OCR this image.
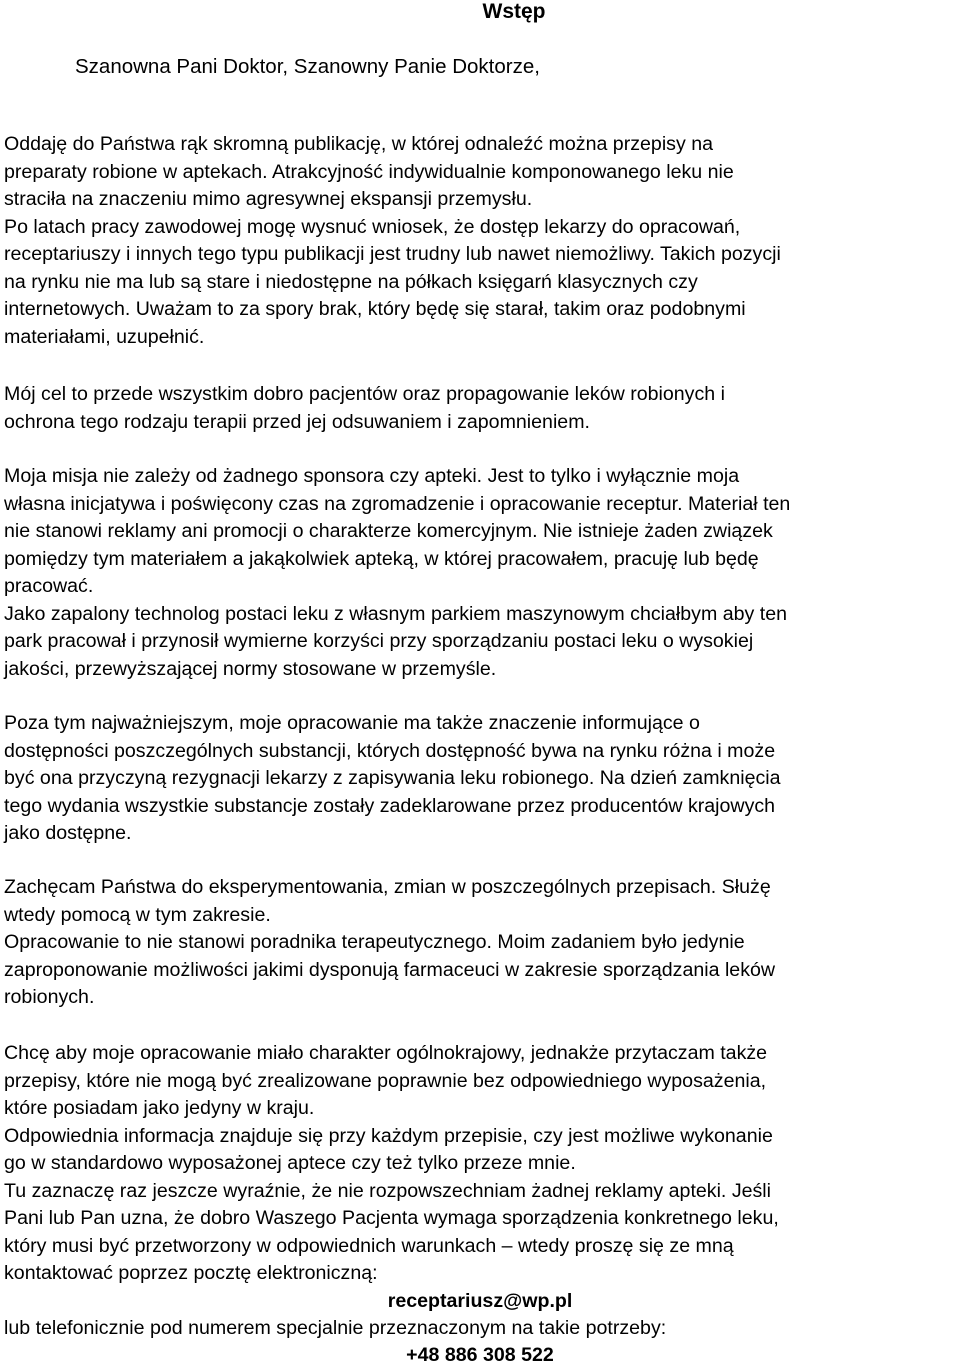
Wstęp

Szanowna Pani Doktor, Szanowny Panie Doktorze,

Oddaję do Państwa rąk skromną publikację, w której odnaleźć można przepisy na
preparaty robione w aptekach. Atrakcyjność indywidualnie komponowanego leku nie
straciła na znaczeniu mimo agresywnej ekspansji przemysłu.
Po latach pracy zawodowej mogę wysnuć wniosek, że dostęp lekarzy do opracowań,
receptariuszy i innych tego typu publikacji jest trudny lub nawet niemożliwy. Takich pozycji
na rynku nie ma lub są stare i niedostępne na półkach księgarń klasycznych czy
internetowych. Uważam to za spory brak, który będę się starał, takim oraz podobnymi
materiałami, uzupełnić.

Mój cel to przede wszystkim dobro pacjentów oraz propagowanie leków robionych i
ochrona tego rodzaju terapii przed jej odsuwaniem i zapomnieniem.

Moja misja nie zależy od żadnego sponsora czy apteki. Jest to tylko i wyłącznie moja
własna inicjatywa i poświęcony czas na zgromadzenie i opracowanie receptur. Materiał ten
nie stanowi reklamy ani promocji o charakterze komercyjnym. Nie istnieje żaden związek
pomiędzy tym materiałem a jakąkolwiek apteką, w której pracowałem, pracuję lub będę
pracować.
Jako zapalony technolog postaci leku z własnym parkiem maszynowym chciałbym aby ten
park pracował i przynosił wymierne korzyści przy sporządzaniu postaci leku o wysokiej
jakości, przewyższającej normy stosowane w przemyśle.

Poza tym najważniejszym, moje opracowanie ma także znaczenie informujące o
dostępności poszczególnych substancji, których dostępność bywa na rynku różna i może
być ona przyczyną rezygnacji lekarzy z zapisywania leku robionego. Na dzień zamknięcia
tego wydania wszystkie substancje zostały zadeklarowane przez producentów krajowych
jako dostępne.

Zachęcam Państwa do eksperymentowania, zmian w poszczególnych przepisach. Służę
wtedy pomocą w tym zakresie.
Opracowanie to nie stanowi poradnika terapeutycznego. Moim zadaniem było jedynie
zaproponowanie możliwości jakimi dysponują farmaceuci w zakresie sporządzania leków
robionych.

Chcę aby moje opracowanie miało charakter ogólnokrajowy, jednakże przytaczam także
przepisy, które nie mogą być zrealizowane poprawnie bez odpowiedniego wyposażenia,
które posiadam jako jedyny w kraju.
Odpowiednia informacja znajduje się przy każdym przepisie, czy jest możliwe wykonanie
go w standardowo wyposażonej aptece czy też tylko przeze mnie.
Tu zaznaczę raz jeszcze wyraźnie, że nie rozpowszechniam żadnej reklamy apteki. Jeśli
Pani lub Pan uzna, że dobro Waszego Pacjenta wymaga sporządzenia konkretnego leku,
który musi być przetworzony w odpowiednich warunkach – wtedy proszę się ze mną
kontaktować poprzez pocztę elektroniczną:

receptariusz@wp.pl

lub telefonicznie pod numerem specjalnie przeznaczonym na takie potrzeby:

+48 886 308 522
